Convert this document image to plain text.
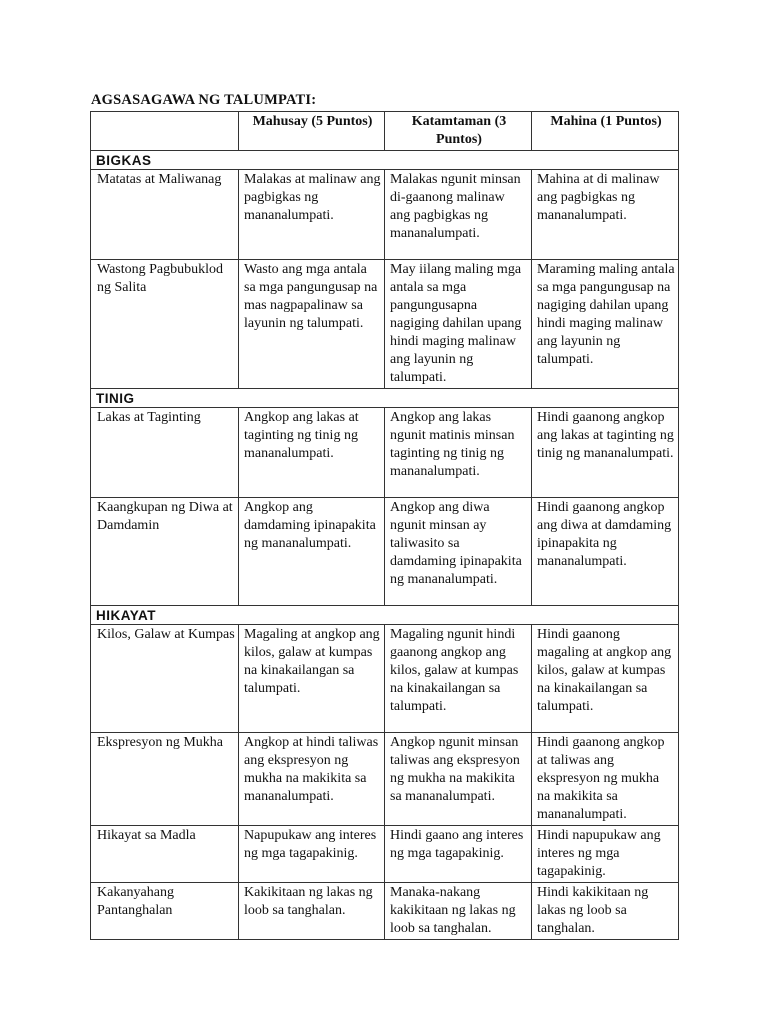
AGSASAGAWA NG TALUMPATI:
	Mahusay (5 Puntos)	Katamtaman (3 Puntos)	Mahina (1 Puntos)
BIGKAS			
Matatas at Maliwanag	Malakas at malinaw ang pagbigkas ng mananalumpati.	Malakas ngunit minsan di-gaanong malinaw ang pagbigkas ng mananalumpati.	Mahina at di malinaw ang pagbigkas ng mananalumpati.
Wastong Pagbubuklod ng Salita	Wasto ang mga antala sa mga pangungusap na mas nagpapalinaw sa layunin ng talumpati.	May iilang maling mga antala sa mga pangungusapna nagiging dahilan upang hindi maging malinaw ang layunin ng talumpati.	Maraming maling antala sa mga pangungusap na nagiging dahilan upang hindi maging malinaw ang layunin ng talumpati.
TINIG			
Lakas at Taginting	Angkop ang lakas at taginting ng tinig ng mananalumpati.	Angkop ang lakas ngunit matinis minsan taginting ng tinig ng mananalumpati.	Hindi gaanong angkop ang lakas at taginting ng tinig ng mananalumpati.
Kaangkupan ng Diwa at Damdamin	Angkop ang damdaming ipinapakita ng mananalumpati.	Angkop ang diwa ngunit minsan ay taliwasito sa damdaming ipinapakita ng mananalumpati.	Hindi gaanong angkop ang diwa at damdaming ipinapakita ng mananalumpati.
HIKAYAT			
Kilos, Galaw at Kumpas	Magaling at angkop ang kilos, galaw at kumpas na kinakailangan sa talumpati.	Magaling ngunit hindi gaanong angkop ang kilos, galaw at kumpas na kinakailangan sa talumpati.	Hindi gaanong magaling at angkop ang kilos, galaw at kumpas na kinakailangan sa talumpati.
Ekspresyon ng Mukha	Angkop at hindi taliwas ang ekspresyon ng mukha na makikita sa mananalumpati.	Angkop ngunit minsan taliwas ang ekspresyon ng mukha na makikita sa mananalumpati.	Hindi gaanong angkop at taliwas ang ekspresyon ng mukha na makikita sa mananalumpati.
Hikayat sa Madla	Napupukaw ang interes ng mga tagapakinig.	Hindi gaano ang interes ng mga tagapakinig.	Hindi napupukaw ang interes ng mga tagapakinig.
Kakanyahang Pantanghalan	Kakikitaan ng lakas ng loob sa tanghalan.	Manaka-nakang kakikitaan ng lakas ng loob sa tanghalan.	Hindi kakikitaan ng lakas ng loob sa tanghalan.
